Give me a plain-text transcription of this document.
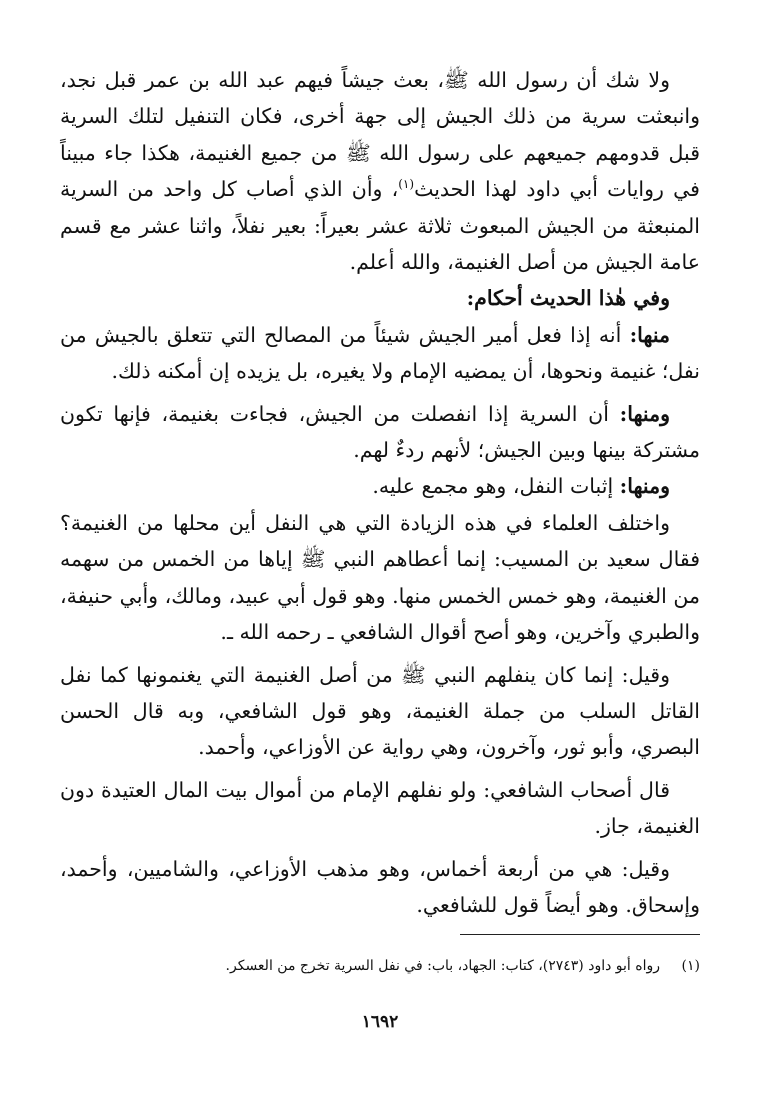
ولا شك أن رسول الله ﷺ، بعث جيشاً فيهم عبد الله بن عمر قبل نجد، وانبعثت سرية من ذلك الجيش إلى جهة أخرى، فكان التنفيل لتلك السرية قبل قدومهم جميعهم على رسول الله ﷺ من جميع الغنيمة، هكذا جاء مبيناً في روايات أبي داود لهذا الحديث$^{(١)}$، وأن الذي أصاب كل واحد من السرية المنبعثة من الجيش المبعوث ثلاثة عشر بعيراً: بعير نفلاً، واثنا عشر مع قسم عامة الجيش من أصل الغنيمة، والله أعلم.

وفي هٰذا الحديث أحكام:

منها: أنه إذا فعل أمير الجيش شيئاً من المصالح التي تتعلق بالجيش من نفل؛ غنيمة ونحوها، أن يمضيه الإمام ولا يغيره، بل يزيده إن أمكنه ذلك.

ومنها: أن السرية إذا انفصلت من الجيش، فجاءت بغنيمة، فإنها تكون مشتركة بينها وبين الجيش؛ لأنهم ردءٌ لهم.

ومنها: إثبات النفل، وهو مجمع عليه.

واختلف العلماء في هذه الزيادة التي هي النفل أين محلها من الغنيمة؟ فقال سعيد بن المسيب: إنما أعطاهم النبي ﷺ إياها من الخمس من سهمه من الغنيمة، وهو خمس الخمس منها. وهو قول أبي عبيد، ومالك، وأبي حنيفة، والطبري وآخرين، وهو أصح أقوال الشافعي ـ رحمه الله ـ.

وقيل: إنما كان ينفلهم النبي ﷺ من أصل الغنيمة التي يغنمونها كما نفل القاتل السلب من جملة الغنيمة، وهو قول الشافعي، وبه قال الحسن البصري، وأبو ثور، وآخرون، وهي رواية عن الأوزاعي، وأحمد.

قال أصحاب الشافعي: ولو نفلهم الإمام من أموال بيت المال العتيدة دون الغنيمة، جاز.

وقيل: هي من أربعة أخماس، وهو مذهب الأوزاعي، والشاميين، وأحمد، وإسحاق. وهو أيضاً قول للشافعي.

(١)رواه أبو داود (٢٧٤٣)، كتاب: الجهاد، باب: في نفل السرية تخرج من العسكر.
١٦٩٢
